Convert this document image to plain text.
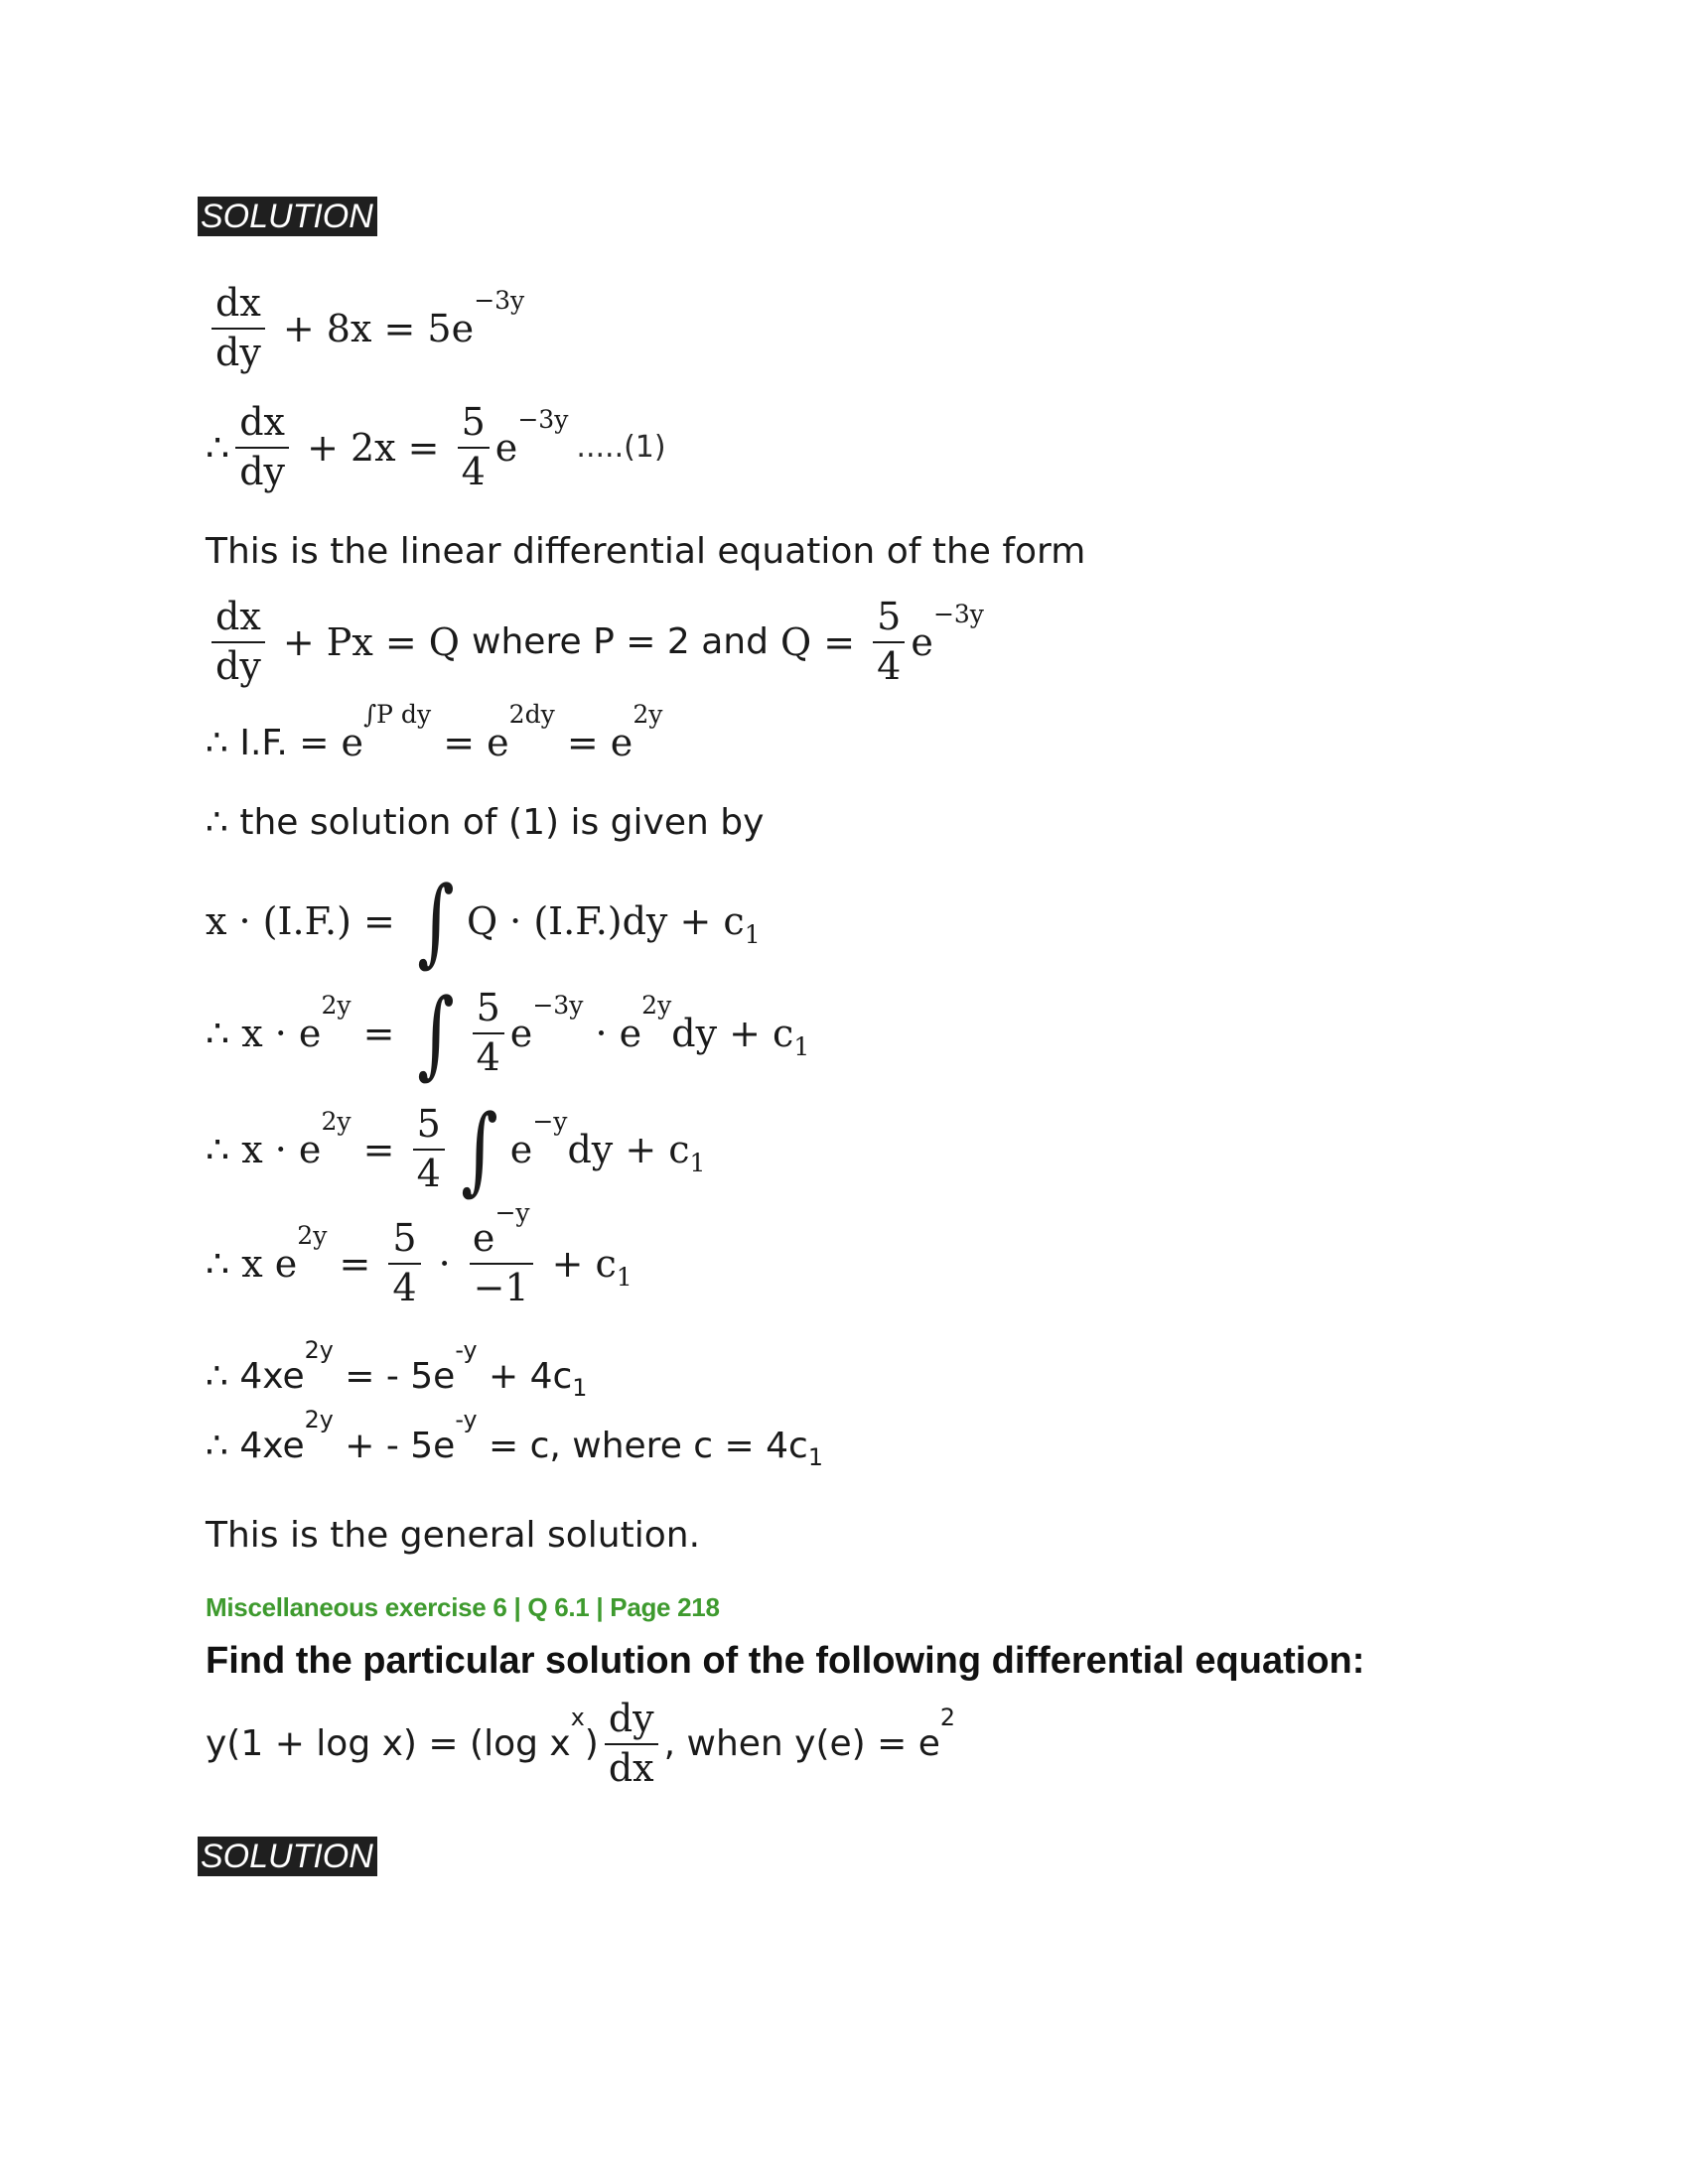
SOLUTION
$\frac{dx}{dy} + 8x = 5e^{-3y}$
∴ $\frac{dx}{dy} + 2x = \frac{5}{4} e^{-3y}$
.....(1)
This is the linear differential equation of the form
$\frac{dx}{dy} + Px = Q$ where
P = 2
and $Q = \frac{5}{4} e^{-3y}$
∴
I.F. = $e^{\int P dy} = e^{2dy} = e^{2y}$
∴
the solution of (1) is given by
x · (I.F.) = ∫ $Q \cdot (I.F.)dy + c_1$
∴ $x \cdot e^{2y}$ = ∫ $\frac{5}{4} e^{-3y} \cdot e^{2y}dy + c_1$
∴ $x \cdot e^{2y} = \frac{5}{4}$ ∫ $e^{-y}dy + c_1$
∴ x $e^{2y} = \frac{5}{4} \cdot \frac{e^{-y}}{-1} + c_1$
∴ $4xe^{2y}$ = - $5e^{-y} + 4c_1$
∴ $4xe^{2y}$ + - $5e^{-y} = c$, where $c = 4c_1$
This is the general solution.
Miscellaneous exercise 6 | Q 6.1 | Page 218
Find the particular solution of the following differential equation:
y(1 + log x) = (log x
$^x) \frac{dy}{dx}$ , when y(e) = e
$^2$
SOLUTION
